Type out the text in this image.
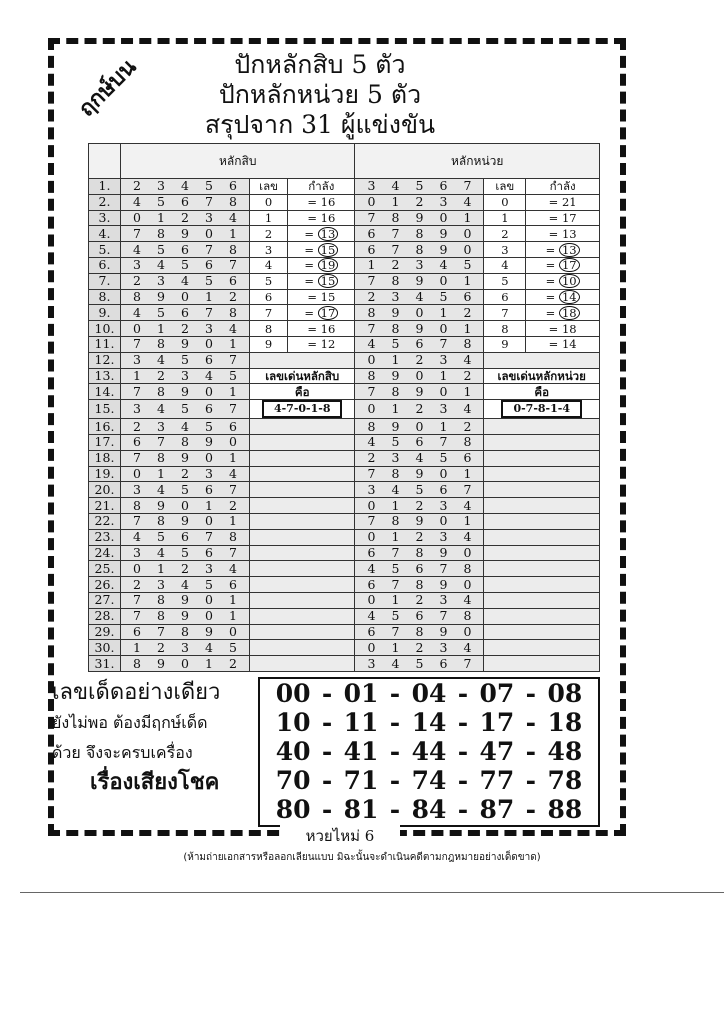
ฤกษ์บน	ปักหลักสิบ 5 ตัว
ปักหลักหน่วย 5 ตัว
สรุปจาก 31 ผู้แข่งขัน
	หลักสิบ			หลักหน่วย		
1.	2 3 4 5 6	เลข	กำลัง	3 4 5 6 7	เลข	กำลัง
2.	4 5 6 7 8	0	= 16	0 1 2 3 4	0	= 21
3.	0 1 2 3 4	1	= 16	7 8 9 0 1	1	= 17
4.	7 8 9 0 1	2	= 13	6 7 8 9 0	2	= 13
5.	4 5 6 7 8	3	= 15	6 7 8 9 0	3	= 13
6.	3 4 5 6 7	4	= 19	1 2 3 4 5	4	= 17
7.	2 3 4 5 6	5	= 15	7 8 9 0 1	5	= 10
8.	8 9 0 1 2	6	= 15	2 3 4 5 6	6	= 14
9.	4 5 6 7 8	7	= 17	8 9 0 1 2	7	= 18
10.	0 1 2 3 4	8	= 16	7 8 9 0 1	8	= 18
11.	7 8 9 0 1	9	= 12	4 5 6 7 8	9	= 14
12.	3 4 5 6 7			0 1 2 3 4		

13.	1 2 3 4 5	เลขเด่นหลักสิบ		8 9 0 1 2	เลขเด่นหลักหน่วย	
14.	7 8 9 0 1	คือ		7 8 9 0 1	คือ	
15.	3 4 5 6 7	4-7-0-1-8		0 1 2 3 4	0-7-8-1-4	
16.	2 3 4 5 6			8 9 0 1 2		

17.	6 7 8 9 0			4 5 6 7 8		

18.	7 8 9 0 1			2 3 4 5 6		

19.	0 1 2 3 4			7 8 9 0 1		

20.	3 4 5 6 7			3 4 5 6 7		

21.	8 9 0 1 2			0 1 2 3 4		

22.	7 8 9 0 1			7 8 9 0 1		

23.	4 5 6 7 8			0 1 2 3 4		

24.	3 4 5 6 7			6 7 8 9 0		

25.	0 1 2 3 4			4 5 6 7 8		

26.	2 3 4 5 6			6 7 8 9 0		

27.	7 8 9 0 1			0 1 2 3 4		

28.	7 8 9 0 1			4 5 6 7 8		

29.	6 7 8 9 0			6 7 8 9 0		

30.	1 2 3 4 5			0 1 2 3 4		

31.	8 9 0 1 2			3 4 5 6 7		

เลขเด็ดอย่างเดียว
ยังไม่พอ ต้องมีฤกษ์เด็ด
ด้วย จึงจะครบเครื่อง
เรื่องเสียงโชค
00 - 01 - 04 - 07 - 08
10 - 11 - 14 - 17 - 18
40 - 41 - 44 - 47 - 48
70 - 71 - 74 - 77 - 78
80 - 81 - 84 - 87 - 88
หวยไหม่ 6
(ห้ามถ่ายเอกสารหรือลอกเลียนแบบ มิฉะนั้นจะดำเนินคดีตามกฎหมายอย่างเด็ดขาด)
